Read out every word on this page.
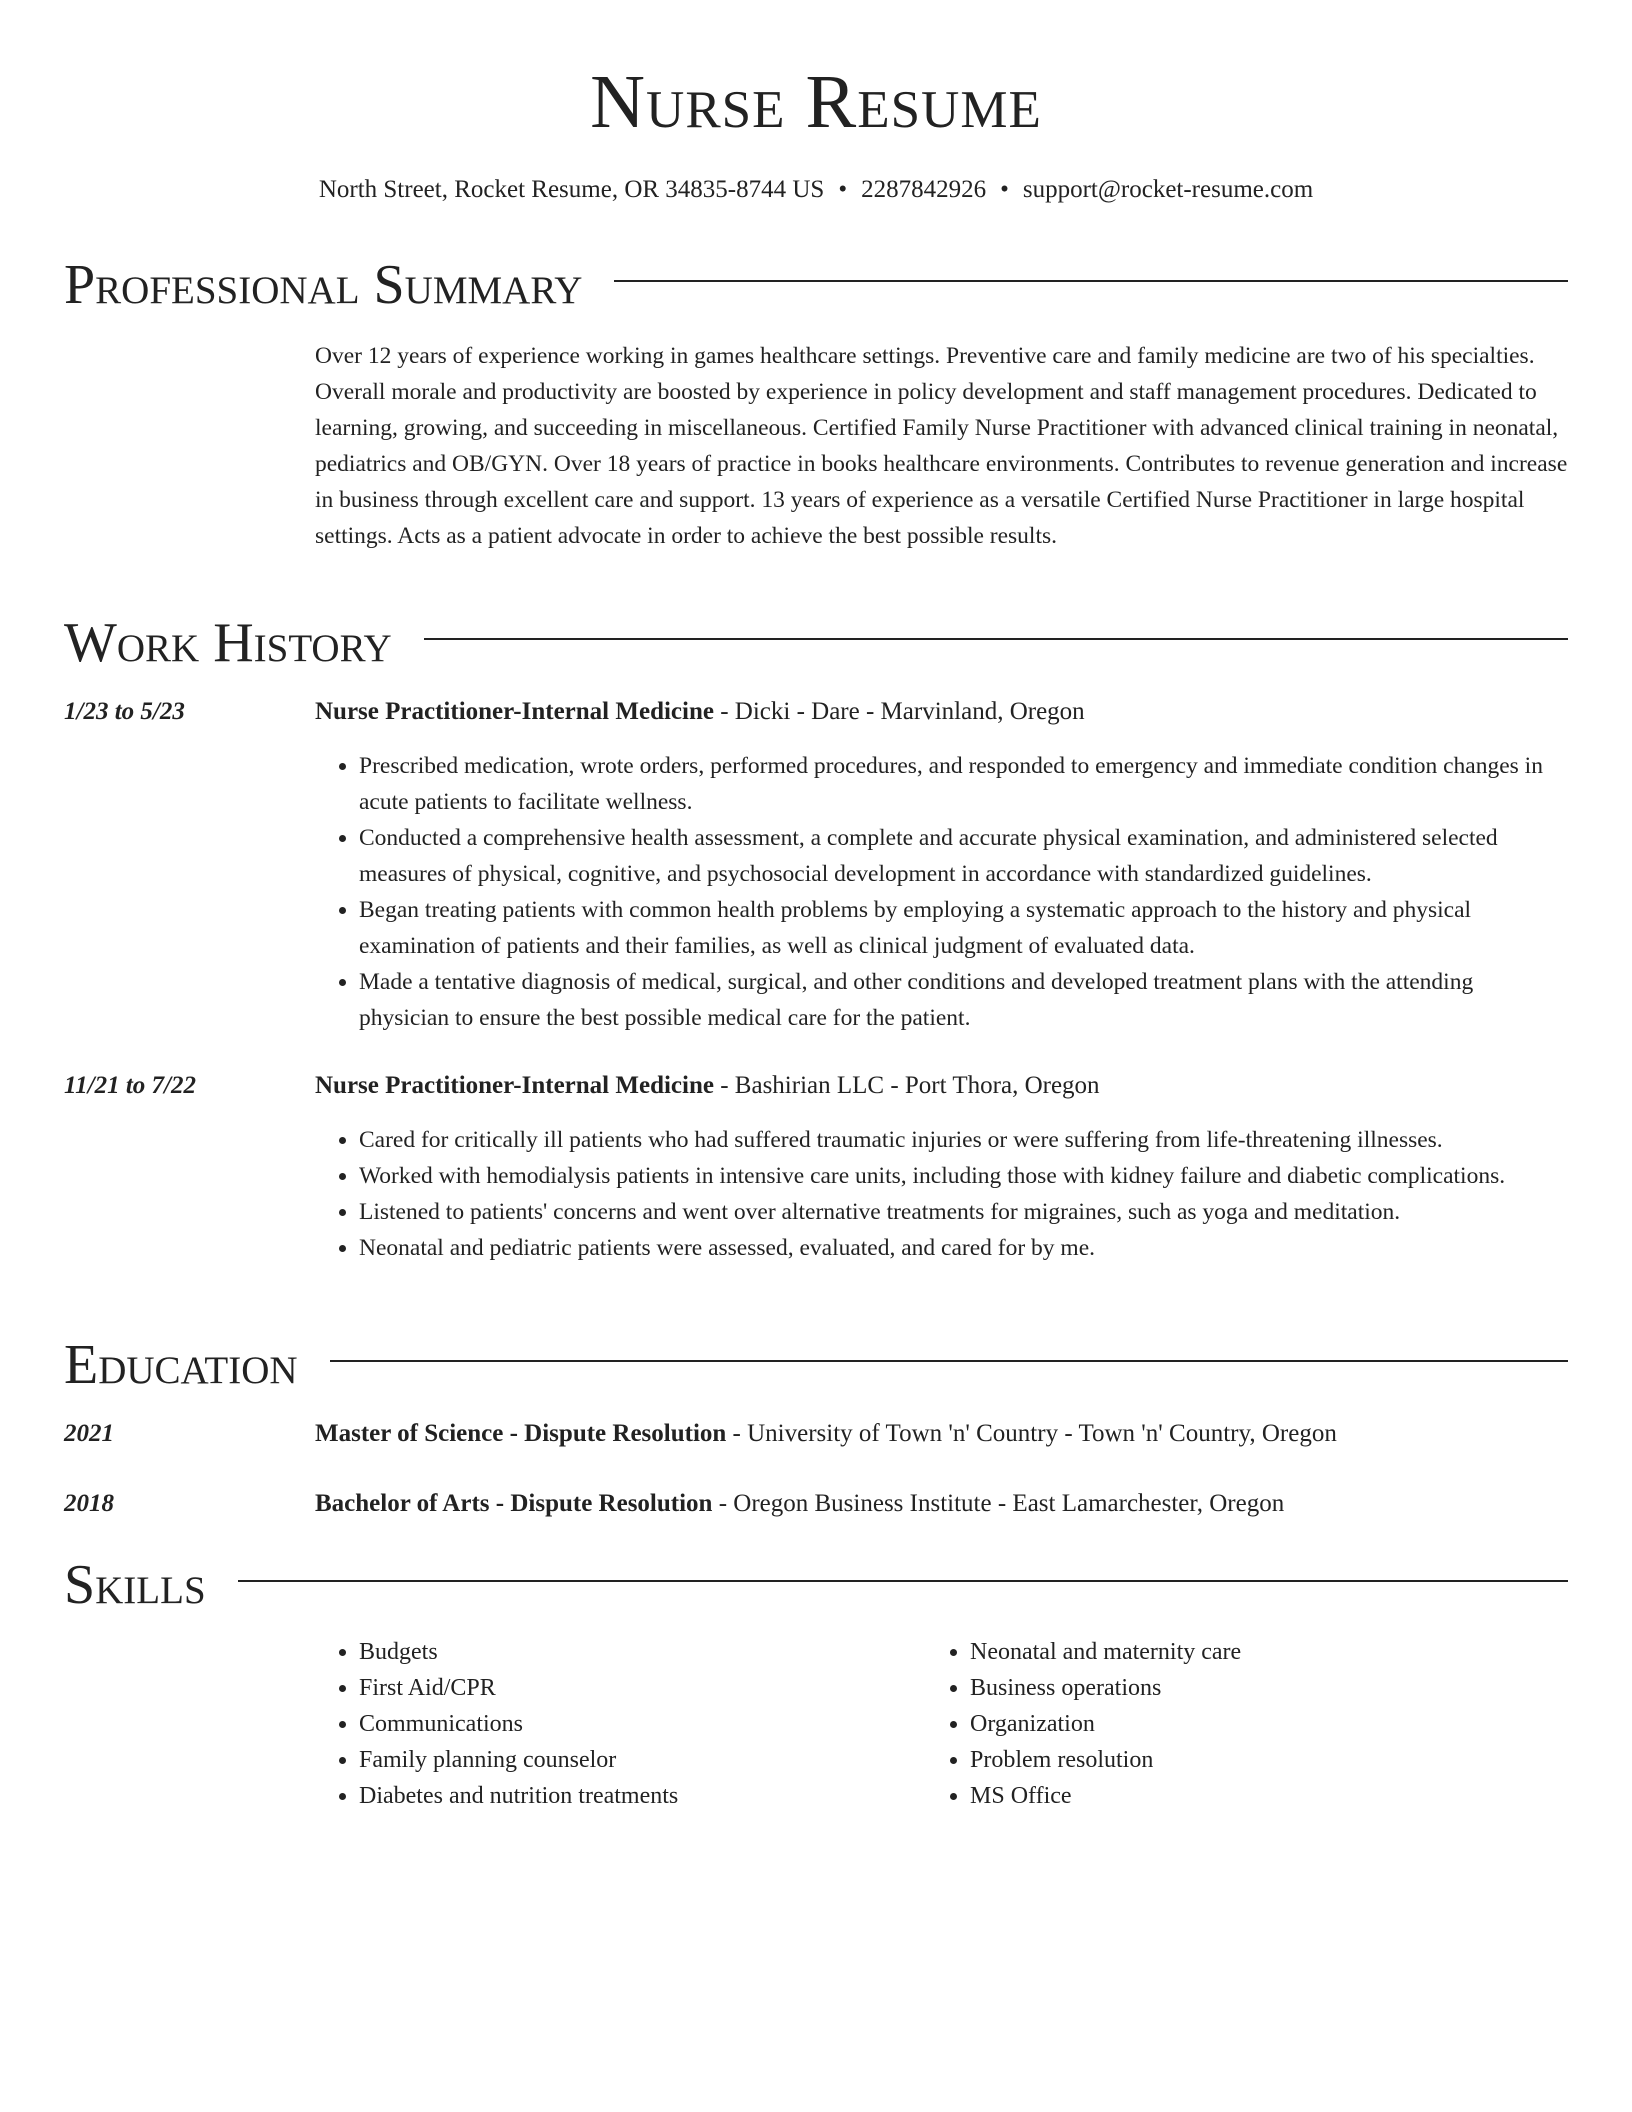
Nurse Resume
North Street, Rocket Resume, OR 34835-8744 US • 2287842926 • support@rocket-resume.com
Professional Summary
Over 12 years of experience working in games healthcare settings. Preventive care and family medicine are two of his specialties. Overall morale and productivity are boosted by experience in policy development and staff management procedures. Dedicated to learning, growing, and succeeding in miscellaneous. Certified Family Nurse Practitioner with advanced clinical training in neonatal, pediatrics and OB/GYN. Over 18 years of practice in books healthcare environments. Contributes to revenue generation and increase in business through excellent care and support. 13 years of experience as a versatile Certified Nurse Practitioner in large hospital settings. Acts as a patient advocate in order to achieve the best possible results.
Work History
1/23 to 5/23	Nurse Practitioner-Internal Medicine - Dicki - Dare - Marvinland, Oregon
• Prescribed medication, wrote orders, performed procedures, and responded to emergency and immediate condition changes in acute patients to facilitate wellness.
• Conducted a comprehensive health assessment, a complete and accurate physical examination, and administered selected measures of physical, cognitive, and psychosocial development in accordance with standardized guidelines.
• Began treating patients with common health problems by employing a systematic approach to the history and physical examination of patients and their families, as well as clinical judgment of evaluated data.
• Made a tentative diagnosis of medical, surgical, and other conditions and developed treatment plans with the attending physician to ensure the best possible medical care for the patient.
11/21 to 7/22	Nurse Practitioner-Internal Medicine - Bashirian LLC - Port Thora, Oregon
• Cared for critically ill patients who had suffered traumatic injuries or were suffering from life-threatening illnesses.
• Worked with hemodialysis patients in intensive care units, including those with kidney failure and diabetic complications.
• Listened to patients' concerns and went over alternative treatments for migraines, such as yoga and meditation.
• Neonatal and pediatric patients were assessed, evaluated, and cared for by me.
Education
2021	Master of Science - Dispute Resolution - University of Town 'n' Country - Town 'n' Country, Oregon
2018	Bachelor of Arts - Dispute Resolution - Oregon Business Institute - East Lamarchester, Oregon
Skills
• Budgets
• First Aid/CPR
• Communications
• Family planning counselor
• Diabetes and nutrition treatments
• Neonatal and maternity care
• Business operations
• Organization
• Problem resolution
• MS Office
